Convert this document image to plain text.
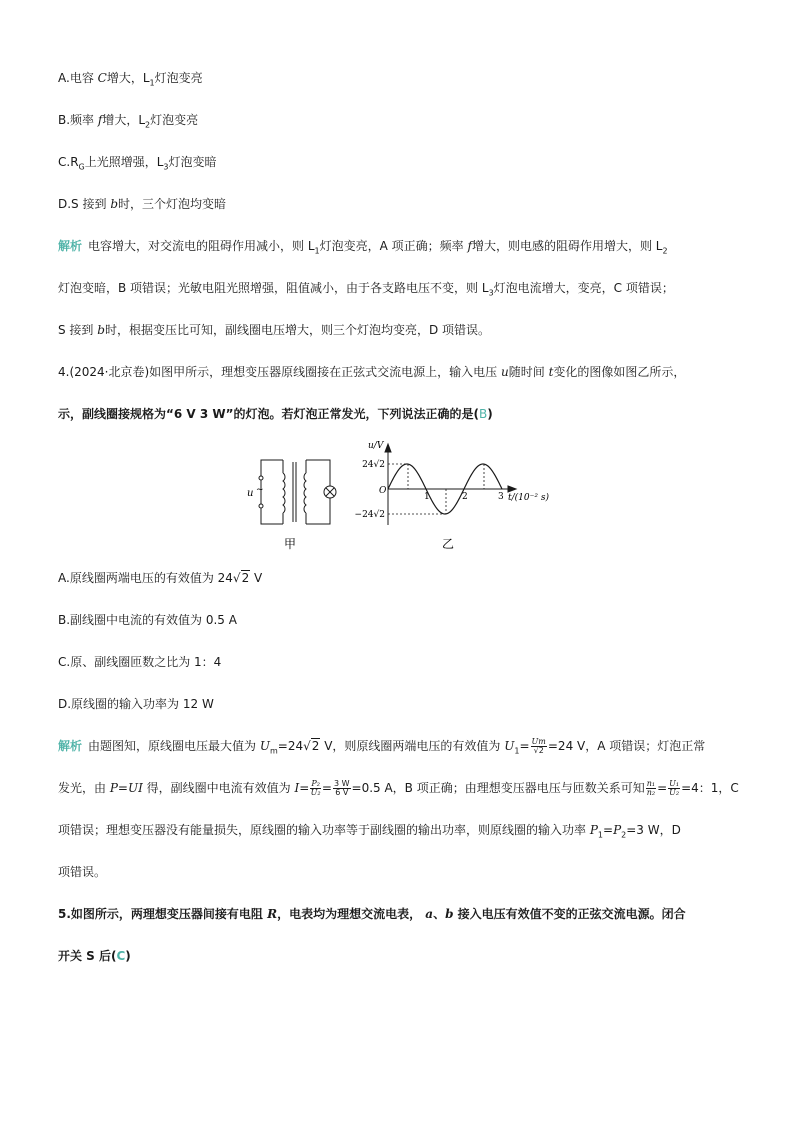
A.电容 C增大，$L_1$灯泡变亮
B.频率 f增大，$L_2$灯泡变亮
$C.R_G$上光照增强，$L_3$灯泡变暗
D.S 接到 b时，三个灯泡均变暗
解析 电容增大，对交流电的阻碍作用减小，则 $L_1$灯泡变亮，A 项正确；频率 f增大，则电感的阻碍作用增大，则 $L_2$
灯泡变暗，B 项错误；光敏电阻光照增强，阻值减小，由于各支路电压不变，则 $L_3$灯泡电流增大，变亮，C 项错误；
S 接到 b时，根据变压比可知，副线圈电压增大，则三个灯泡均变亮，D 项错误。
4.(2024·北京卷)如图甲所示，理想变压器原线圈接在正弦式交流电源上，输入电压 u随时间 t变化的图像如图乙所示，
示，副线圈接规格为“6 V 3 W”的灯泡。若灯泡正常发光，下列说法正确的是(B)
u ~
甲
u/V
24√2
−24√2
O
1	2	3 t/(10⁻² s)
乙
A.原线圈两端电压的有效值为 24√2 V
B.副线圈中电流的有效值为 0.5 A
C.原、副线圈匝数之比为 1：4
D.原线圈的输入功率为 12 W
解析 由题图知，原线圈电压最大值为 $U_m=24√2$ V，则原线圈两端电压的有效值为 $U_1= \frac{Um}{√2} =24$ V，A 项错误；灯泡正常
发光，由 P=UI 得，副线圈中电流有效值为 $I= \frac{\text{P₂}}{\text{U₂}} = \frac{3 W}{6 V} =0.5$ A，B 项正确；由理想变压器电压与匝数关系可知 $\frac{\text{n₁}}{\text{n₂}} = \frac{\text{U₁}}{\text{U₂}} =4$：1，C
项错误；理想变压器没有能量损失，原线圈的输入功率等于副线圈的输出功率，则原线圈的输入功率 $P_1=P_2=3$ W，D
项错误。
5.如图所示，两理想变压器间接有电阻 R，电表均为理想交流电表， a、b 接入电压有效值不变的正弦交流电源。闭合
开关 S 后(C)
